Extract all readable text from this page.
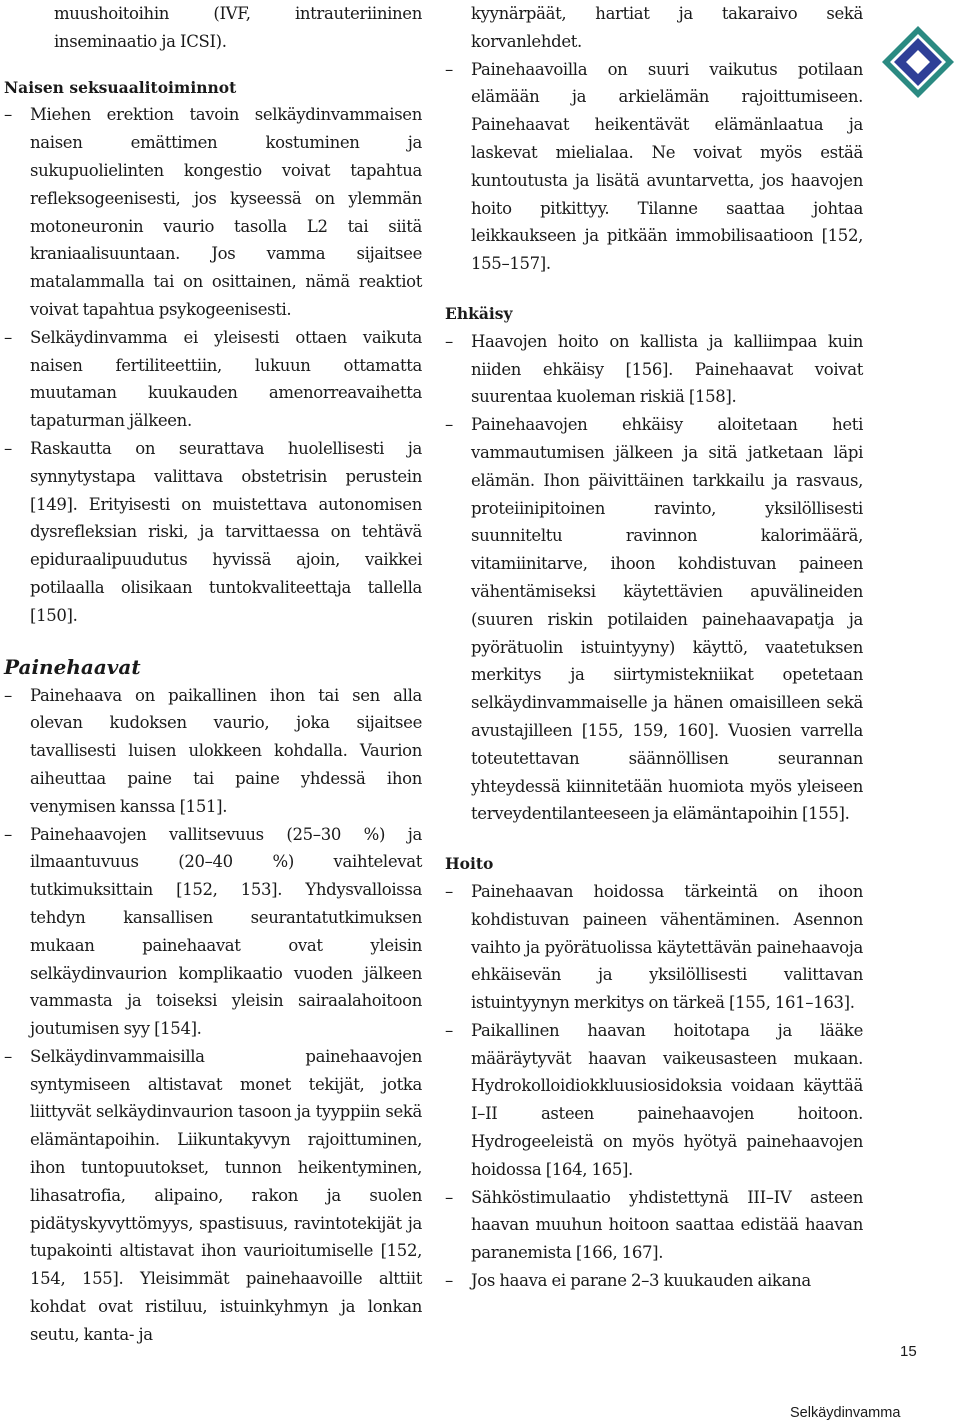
muushoitoihin (IVF, intrauteriininen inseminaatio ja ICSI).
Naisen seksuaalitoiminnot
– Miehen erektion tavoin selkäydinvammaisen naisen emättimen kostuminen ja sukupuolielinten kongestio voivat tapahtua refleksogeenisesti, jos kyseessä on ylemmän motoneuronin vaurio tasolla L2 tai siitä kraniaalisuuntaan. Jos vamma sijaitsee matalammalla tai on osittainen, nämä reaktiot voivat tapahtua psykogeenisesti.
– Selkäydinvamma ei yleisesti ottaen vaikuta naisen fertiliteettiin, lukuun ottamatta muutaman kuukauden amenorreavaihetta tapaturman jälkeen.
– Raskautta on seurattava huolellisesti ja synnytystapa valittava obstetrisin perustein [149]. Erityisesti on muistettava autonomisen dysrefleksian riski, ja tarvittaessa on tehtävä epiduraalipuudutus hyvissä ajoin, vaikkei potilaalla olisikaan tuntokvaliteettaja tallella [150].
Painehaavat
– Painehaava on paikallinen ihon tai sen alla olevan kudoksen vaurio, joka sijaitsee tavallisesti luisen ulokkeen kohdalla. Vaurion aiheuttaa paine tai paine yhdessä ihon venymisen kanssa [151].
– Painehaavojen vallitsevuus (25–30 %) ja ilmaantuvuus (20–40 %) vaihtelevat tutkimuksittain [152, 153]. Yhdysvalloissa tehdyn kansallisen seurantatutkimuksen mukaan painehaavat ovat yleisin selkäydinvaurion komplikaatio vuoden jälkeen vammasta ja toiseksi yleisin sairaalahoitoon joutumisen syy [154].
– Selkäydinvammaisilla painehaavojen syntymiseen altistavat monet tekijät, jotka liittyvät selkäydinvaurion tasoon ja tyyppiin sekä elämäntapoihin. Liikuntakyvyn rajoittuminen, ihon tuntopuutokset, tunnon heikentyminen, lihasatrofia, alipaino, rakon ja suolen pidätyskyvyttömyys, spastisuus, ravintotekijät ja tupakointi altistavat ihon vaurioitumiselle [152, 154, 155]. Yleisimmät painehaavoille alttiit kohdat ovat ristiluu, istuinkyhmyn ja lonkan seutu, kanta- ja
kyynärpäät, hartiat ja takaraivo sekä korvanlehdet.
– Painehaavoilla on suuri vaikutus potilaan elämään ja arkielämän rajoittumiseen. Painehaavat heikentävät elämänlaatua ja laskevat mielialaa. Ne voivat myös estää kuntoutusta ja lisätä avuntarvetta, jos haavojen hoito pitkittyy. Tilanne saattaa johtaa leikkaukseen ja pitkään immobilisaatioon [152, 155–157].
Ehkäisy
– Haavojen hoito on kallista ja kalliimpaa kuin niiden ehkäisy [156]. Painehaavat voivat suurentaa kuoleman riskiä [158].
– Painehaavojen ehkäisy aloitetaan heti vammautumisen jälkeen ja sitä jatketaan läpi elämän. Ihon päivittäinen tarkkailu ja rasvaus, proteiinipitoinen ravinto, yksilöllisesti suunniteltu ravinnon kalorimäärä, vitamiinitarve, ihoon kohdistuvan paineen vähentämiseksi käytettävien apuvälineiden (suuren riskin potilaiden painehaavapatja ja pyörätuolin istuintyyny) käyttö, vaatetuksen merkitys ja siirtymistekniikat opetetaan selkäydinvammaiselle ja hänen omaisilleen sekä avustajilleen [155, 159, 160]. Vuosien varrella toteutettavan säännöllisen seurannan yhteydessä kiinnitetään huomiota myös yleiseen terveydentilanteeseen ja elämäntapoihin [155].
Hoito
– Painehaavan hoidossa tärkeintä on ihoon kohdistuvan paineen vähentäminen. Asennon vaihto ja pyörätuolissa käytettävän painehaavoja ehkäisevän ja yksilöllisesti valittavan istuintyynyn merkitys on tärkeä [155, 161–163].
– Paikallinen haavan hoitotapa ja lääke määräytyvät haavan vaikeusasteen mukaan. Hydrokolloidiokkluusiosidoksia voidaan käyttää I–II asteen painehaavojen hoitoon. Hydrogeeleistä on myös hyötyä painehaavojen hoidossa [164, 165].
– Sähköstimulaatio yhdistettynä III–IV asteen haavan muuhun hoitoon saattaa edistää haavan paranemista [166, 167].
– Jos haava ei parane 2–3 kuukauden aikana
15
Selkäydinvamma
